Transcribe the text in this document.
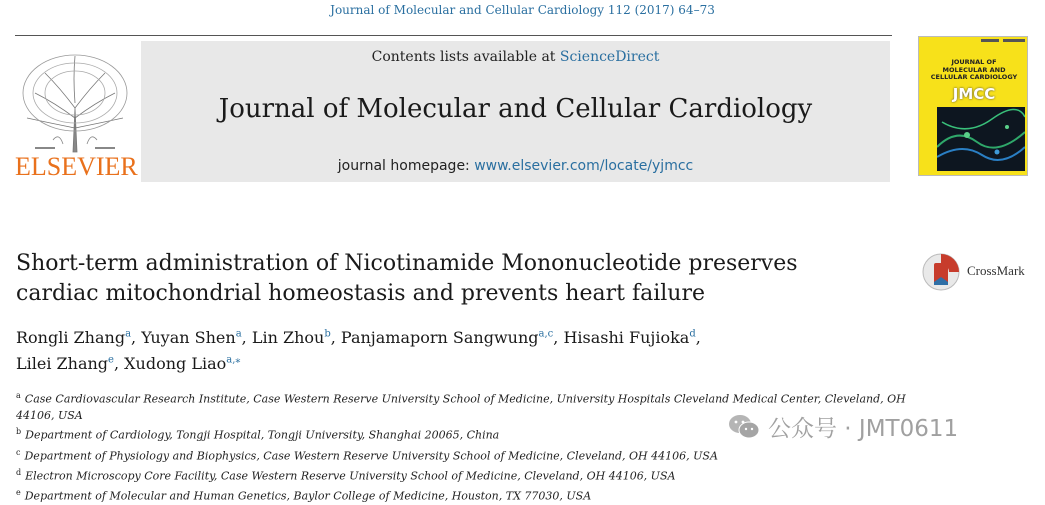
Journal of Molecular and Cellular Cardiology 112 (2017) 64–73
ELSEVIER
Contents lists available at ScienceDirect
Journal of Molecular and Cellular Cardiology
journal homepage: www.elsevier.com/locate/yjmcc
JOURNAL OF
MOLECULAR AND
CELLULAR CARDIOLOGY
JMCC
Short-term administration of Nicotinamide Mononucleotide preserves
cardiac mitochondrial homeostasis and prevents heart failure
CrossMark
Rongli Zhang$^a$, Yuyan Shen$^a$, Lin Zhou$^b$, Panjamaporn Sangwung$^{a,c}$, Hisashi Fujioka$^d$,
Lilei Zhang$^e$, Xudong Liao$^{a,⁎}$
$^a$ Case Cardiovascular Research Institute, Case Western Reserve University School of Medicine, University Hospitals Cleveland Medical Center, Cleveland, OH 44106, USA
$^b$ Department of Cardiology, Tongji Hospital, Tongji University, Shanghai 20065, China
$^c$ Department of Physiology and Biophysics, Case Western Reserve University School of Medicine, Cleveland, OH 44106, USA
$^d$ Electron Microscopy Core Facility, Case Western Reserve University School of Medicine, Cleveland, OH 44106, USA
$^e$ Department of Molecular and Human Genetics, Baylor College of Medicine, Houston, TX 77030, USA
公众号 · JMT0611
